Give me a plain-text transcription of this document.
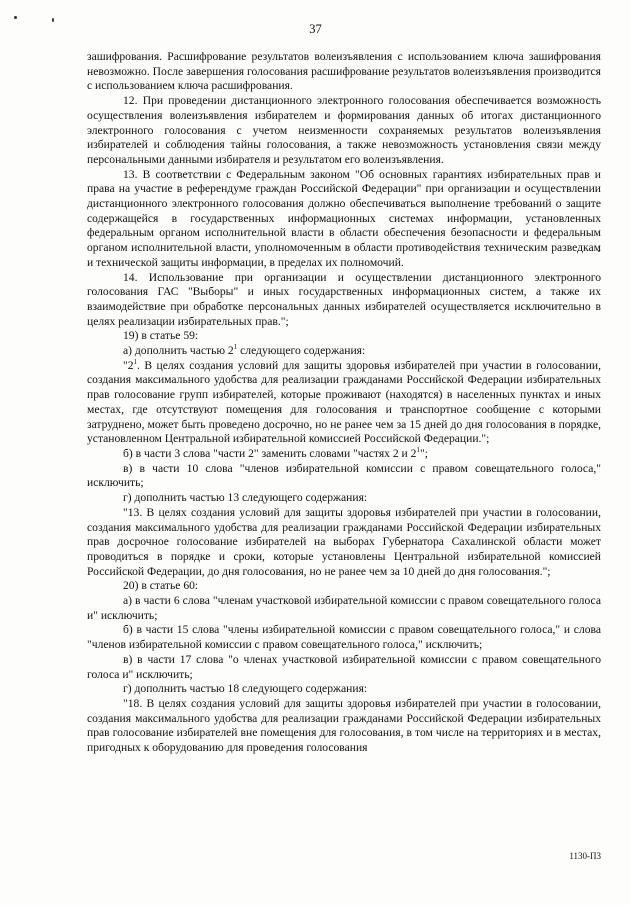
37

зашифрования. Расшифрование результатов волеизъявления с использованием ключа зашифрования невозможно. После завершения голосования расшифрование результатов волеизъявления производится с использованием ключа расшифрования.

12. При проведении дистанционного электронного голосования обеспечивается возможность осуществления волеизъявления избирателем и формирования данных об итогах дистанционного электронного голосования с учетом неизменности сохраняемых результатов волеизъявления избирателей и соблюдения тайны голосования, а также невозможность установления связи между персональными данными избирателя и результатом его волеизъявления.

13. В соответствии с Федеральным законом "Об основных гарантиях избирательных прав и права на участие в референдуме граждан Российской Федерации" при организации и осуществлении дистанционного электронного голосования должно обеспечиваться выполнение требований о защите содержащейся в государственных информационных системах информации, установленных федеральным органом исполнительной власти в области обеспечения безопасности и федеральным органом исполнительной власти, уполномоченным в области противодействия техническим разведкам и технической защиты информации, в пределах их полномочий.

14. Использование при организации и осуществлении дистанционного электронного голосования ГАС "Выборы" и иных государственных информационных систем, а также их взаимодействие при обработке персональных данных избирателей осуществляется исключительно в целях реализации избирательных прав.";

19) в статье 59:

а) дополнить частью $2^1$ следующего содержания:

"$2^1$. В целях создания условий для защиты здоровья избирателей при участии в голосовании, создания максимального удобства для реализации гражданами Российской Федерации избирательных прав голосование групп избирателей, которые проживают (находятся) в населенных пунктах и иных местах, где отсутствуют помещения для голосования и транспортное сообщение с которыми затруднено, может быть проведено досрочно, но не ранее чем за 15 дней до дня голосования в порядке, установленном Центральной избирательной комиссией Российской Федерации.";

б) в части 3 слова "части 2" заменить словами "частях 2 и $2^1$";

в) в части 10 слова "членов избирательной комиссии с правом совещательного голоса," исключить;

г) дополнить частью 13 следующего содержания:

"13. В целях создания условий для защиты здоровья избирателей при участии в голосовании, создания максимального удобства для реализации гражданами Российской Федерации избирательных прав досрочное голосование избирателей на выборах Губернатора Сахалинской области может проводиться в порядке и сроки, которые установлены Центральной избирательной комиссией Российской Федерации, до дня голосования, но не ранее чем за 10 дней до дня голосования.";

20) в статье 60:

а) в части 6 слова "членам участковой избирательной комиссии с правом совещательного голоса и" исключить;

б) в части 15 слова "члены избирательной комиссии с правом совещательного голоса," и слова "членов избирательной комиссии с правом совещательного голоса," исключить;

в) в части 17 слова "о членах участковой избирательной комиссии с правом совещательного голоса и" исключить;

г) дополнить частью 18 следующего содержания:

"18. В целях создания условий для защиты здоровья избирателей при участии в голосовании, создания максимального удобства для реализации гражданами Российской Федерации избирательных прав голосование избирателей вне помещения для голосования, в том числе на территориях и в местах, пригодных к оборудованию для проведения голосования

1130-П3
